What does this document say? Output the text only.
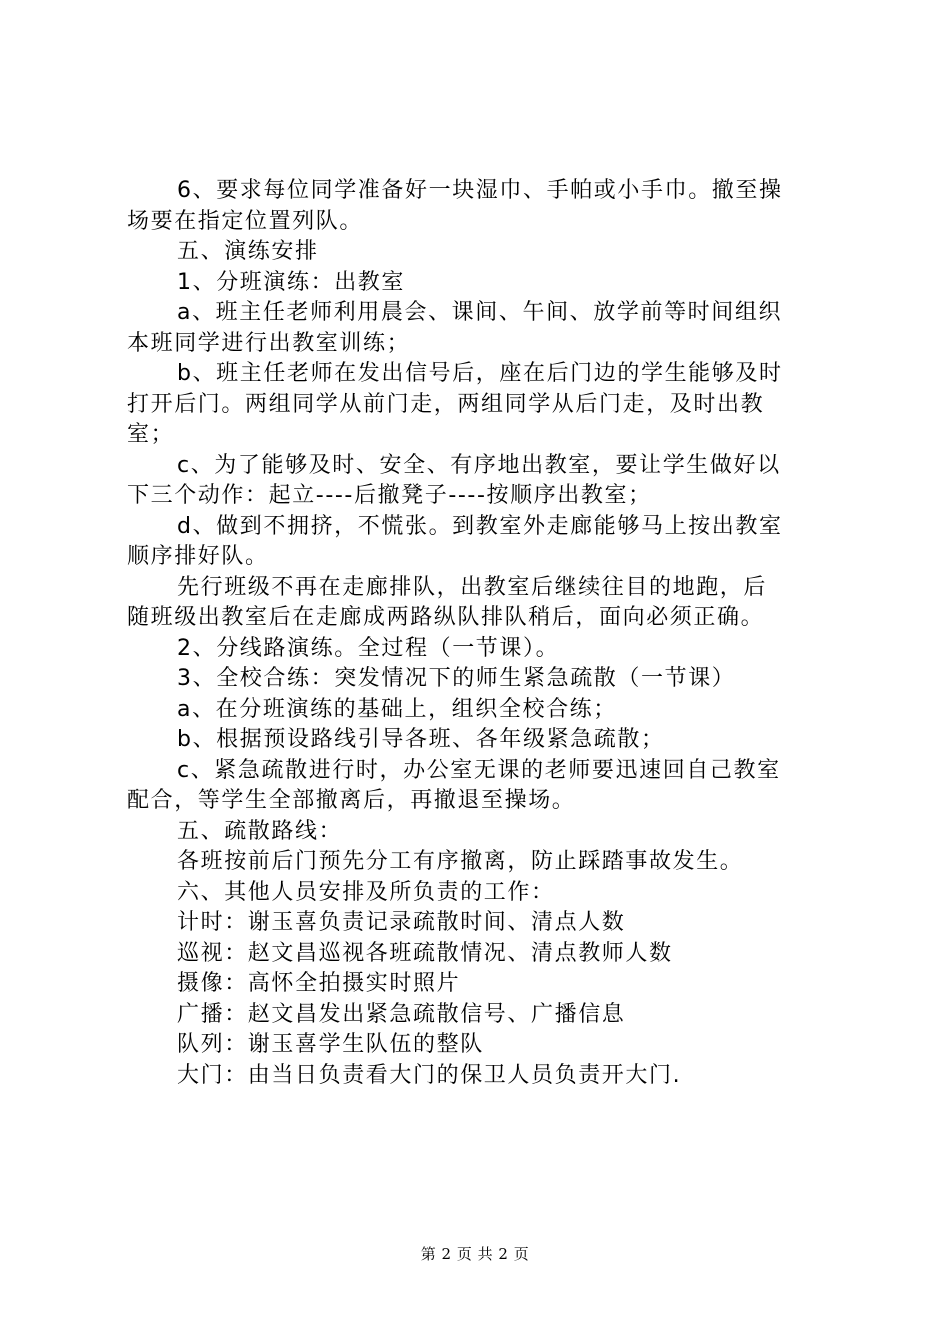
6、要求每位同学准备好一块湿巾、手帕或小手巾。撤至操
场要在指定位置列队。
五、演练安排
1、分班演练：出教室
a、班主任老师利用晨会、课间、午间、放学前等时间组织
本班同学进行出教室训练；
b、班主任老师在发出信号后，座在后门边的学生能够及时
打开后门。两组同学从前门走，两组同学从后门走，及时出教
室；
c、为了能够及时、安全、有序地出教室，要让学生做好以
下三个动作：起立----后撤凳子----按顺序出教室；
d、做到不拥挤，不慌张。到教室外走廊能够马上按出教室
顺序排好队。
先行班级不再在走廊排队，出教室后继续往目的地跑，后
随班级出教室后在走廊成两路纵队排队稍后，面向必须正确。
2、分线路演练。全过程（一节课）。
3、全校合练：突发情况下的师生紧急疏散（一节课）
a、在分班演练的基础上，组织全校合练；
b、根据预设路线引导各班、各年级紧急疏散；
c、紧急疏散进行时，办公室无课的老师要迅速回自己教室
配合，等学生全部撤离后，再撤退至操场。
五、疏散路线：
各班按前后门预先分工有序撤离，防止踩踏事故发生。
六、其他人员安排及所负责的工作：
计时：谢玉喜负责记录疏散时间、清点人数
巡视：赵文昌巡视各班疏散情况、清点教师人数
摄像：高怀全拍摄实时照片
广播：赵文昌发出紧急疏散信号、广播信息
队列：谢玉喜学生队伍的整队
大门：由当日负责看大门的保卫人员负责开大门.
第 2 页 共 2 页
